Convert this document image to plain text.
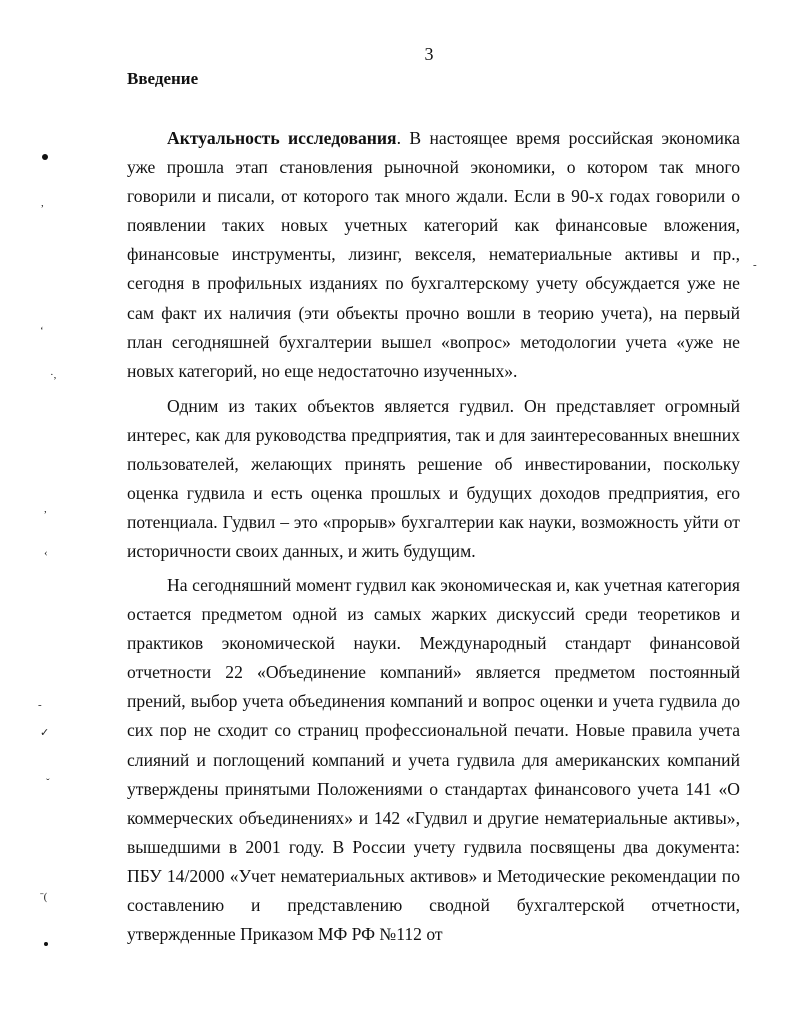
3
Введение

Актуальность исследования. В настоящее время российская экономика уже прошла этап становления рыночной экономики, о котором так много говорили и писали, от которого так много ждали. Если в 90-х годах говорили о появлении таких новых учетных категорий как финансовые вложения, финансовые инструменты, лизинг, векселя, нематериальные активы и пр., сегодня в профильных изданиях по бухгалтерскому учету обсуждается уже не сам факт их наличия (эти объекты прочно вошли в теорию учета), на первый план сегодняшней бухгалтерии вышел «вопрос» методологии учета «уже не новых категорий, но еще недостаточно изученных».

Одним из таких объектов является гудвил. Он представляет огромный интерес, как для руководства предприятия, так и для заинтересованных внешних пользователей, желающих принять решение об инвестировании, поскольку оценка гудвила и есть оценка прошлых и будущих доходов предприятия, его потенциала. Гудвил – это «прорыв» бухгалтерии как науки, возможность уйти от историчности своих данных, и жить будущим.

На сегодняшний момент гудвил как экономическая и, как учетная категория остается предметом одной из самых жарких дискуссий среди теоретиков и практиков экономической науки. Международный стандарт финансовой отчетности 22 «Объединение компаний» является предметом постоянный прений, выбор учета объединения компаний и вопрос оценки и учета гудвила до сих пор не сходит со страниц профессиональной печати. Новые правила учета слияний и поглощений компаний и учета гудвила для американских компаний утверждены принятыми Положениями о стандартах финансового учета 141 «О коммерческих объединениях» и 142 «Гудвил и другие нематериальные активы», вышедшими в 2001 году. В России учету гудвила посвящены два документа: ПБУ 14/2000 «Учет нематериальных активов» и Методические рекомендации по составлению и представлению сводной бухгалтерской отчетности, утвержденные Приказом МФ РФ №112 от

,
ʻ
·,
,
‹
-
✓
ˇ
ˉ(
-
